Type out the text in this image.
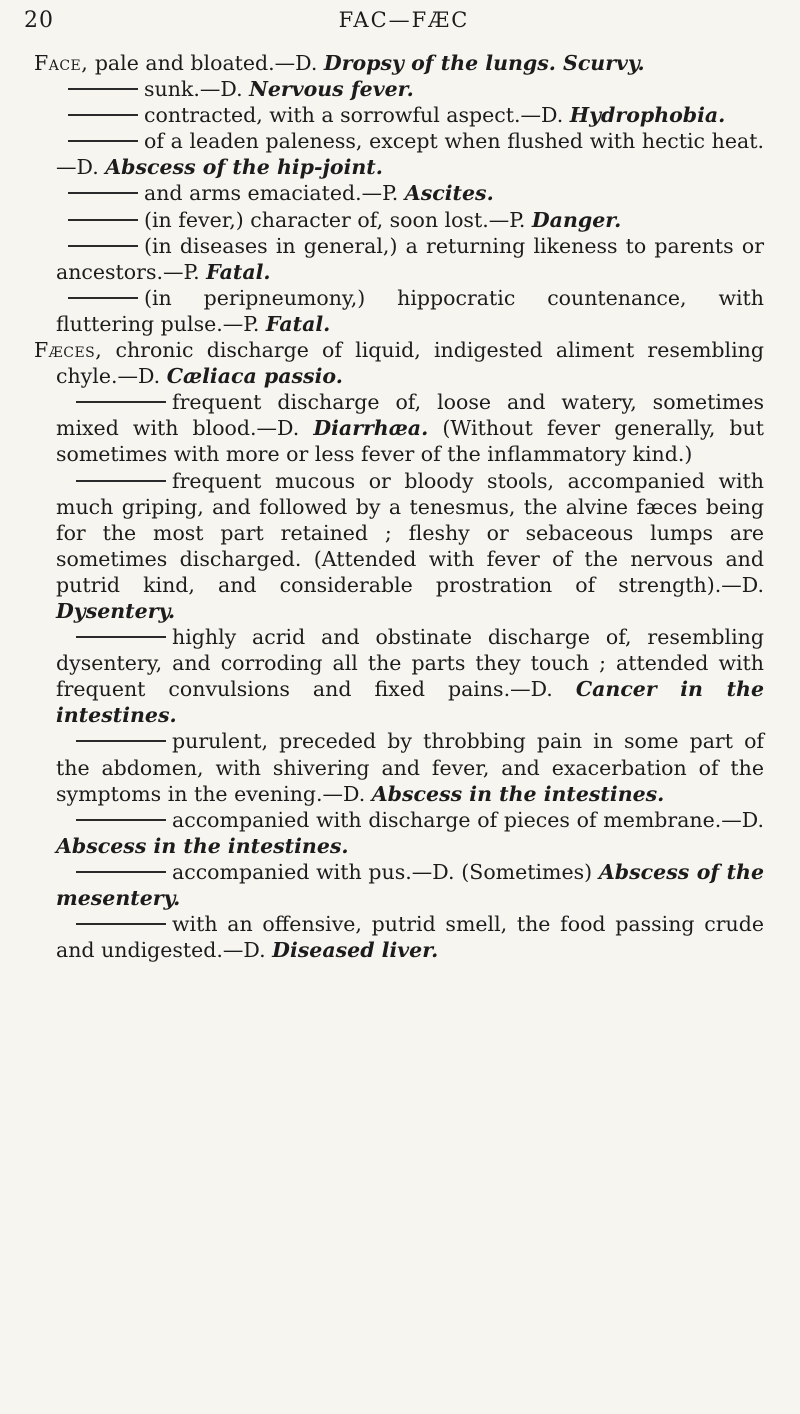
20	FAC—FÆC

Face, pale and bloated.—D. Dropsy of the lungs. Scurvy.

sunk.—D. Nervous fever.

contracted, with a sorrowful aspect.—D. Hydrophobia.

of a leaden paleness, except when flushed with hectic heat.—D. Abscess of the hip-joint.

and arms emaciated.—P. Ascites.

(in fever,) character of, soon lost.—P. Danger.

(in diseases in general,) a returning likeness to parents or ancestors.—P. Fatal.

(in peripneumony,) hippocratic countenance, with fluttering pulse.—P. Fatal.

Fæces, chronic discharge of liquid, indigested aliment resembling chyle.—D. Cæliaca passio.

frequent discharge of, loose and watery, sometimes mixed with blood.—D. Diarrhæa. (Without fever generally, but sometimes with more or less fever of the inflammatory kind.)

frequent mucous or bloody stools, accompanied with much griping, and followed by a tenesmus, the alvine fæces being for the most part retained ; fleshy or sebaceous lumps are sometimes discharged. (Attended with fever of the nervous and putrid kind, and considerable prostration of strength).—D. Dysentery.

highly acrid and obstinate discharge of, resembling dysentery, and corroding all the parts they touch ; attended with frequent convulsions and fixed pains.—D. Cancer in the intestines.

purulent, preceded by throbbing pain in some part of the abdomen, with shivering and fever, and exacerbation of the symptoms in the evening.—D. Abscess in the intestines.

accompanied with discharge of pieces of membrane.—D. Abscess in the intestines.

accompanied with pus.—D. (Sometimes) Abscess of the mesentery.

with an offensive, putrid smell, the food passing crude and undigested.—D. Diseased liver.
